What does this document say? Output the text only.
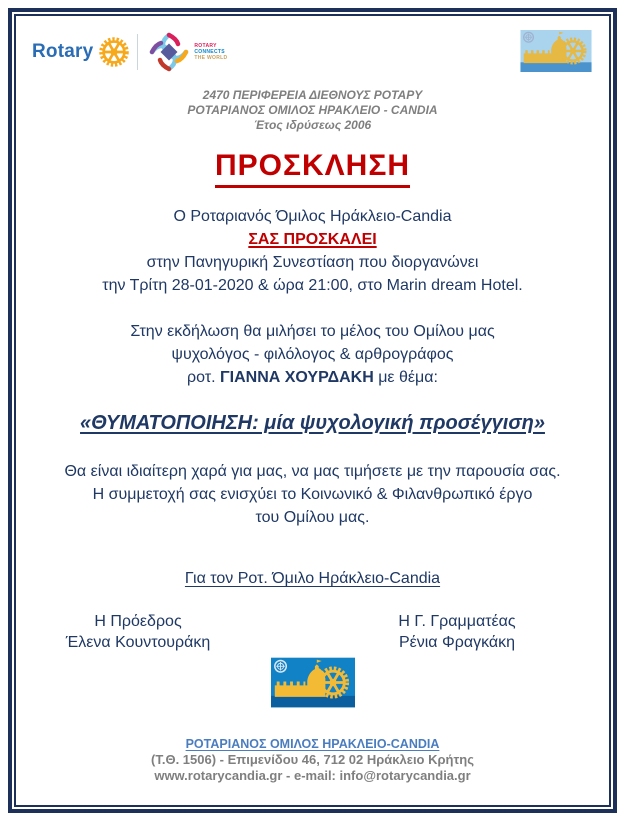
Rotary	ROTARY
CONNECTS
THE WORLD
2470 ΠΕΡΙΦΕΡΕΙΑ ΔΙΕΘΝΟΥΣ ΡΟΤΑΡΥ
ΡΟΤΑΡΙΑΝΟΣ ΟΜΙΛΟΣ ΗΡΑΚΛΕΙΟ - CANDIA
Έτος ιδρύσεως 2006
ΠΡΟΣΚΛΗΣΗ
Ο Ροταριανός Όμιλος Ηράκλειο-Candia
ΣΑΣ ΠΡΟΣΚΑΛΕΙ
στην Πανηγυρική Συνεστίαση που διοργανώνει
την Τρίτη 28-01-2020 & ώρα 21:00, στο Marin dream Hotel.
Στην εκδήλωση θα μιλήσει το μέλος του Ομίλου μας
ψυχολόγος - φιλόλογος & αρθρογράφος
ροτ. ΓΙΑΝΝΑ ΧΟΥΡΔΑΚΗ με θέμα:
«ΘΥΜΑΤΟΠΟΙΗΣΗ: μία ψυχολογική προσέγγιση»
Θα είναι ιδιαίτερη χαρά για μας, να μας τιμήσετε με την παρουσία σας.
Η συμμετοχή σας ενισχύει το Κοινωνικό & Φιλανθρωπικό έργο
του Ομίλου μας.
Για τον Ροτ. Όμιλο Ηράκλειο-Candia
Η Πρόεδρος
Έλενα Κουντουράκη
Η Γ. Γραμματέας
Ρένια Φραγκάκη
ΡΟΤΑΡΙΑΝΟΣ ΟΜΙΛΟΣ ΗΡΑΚΛΕΙΟ-CANDIA
(Τ.Θ. 1506) - Επιμενίδου 46, 712 02 Ηράκλειο Κρήτης
www.rotarycandia.gr - e-mail: info@rotarycandia.gr
